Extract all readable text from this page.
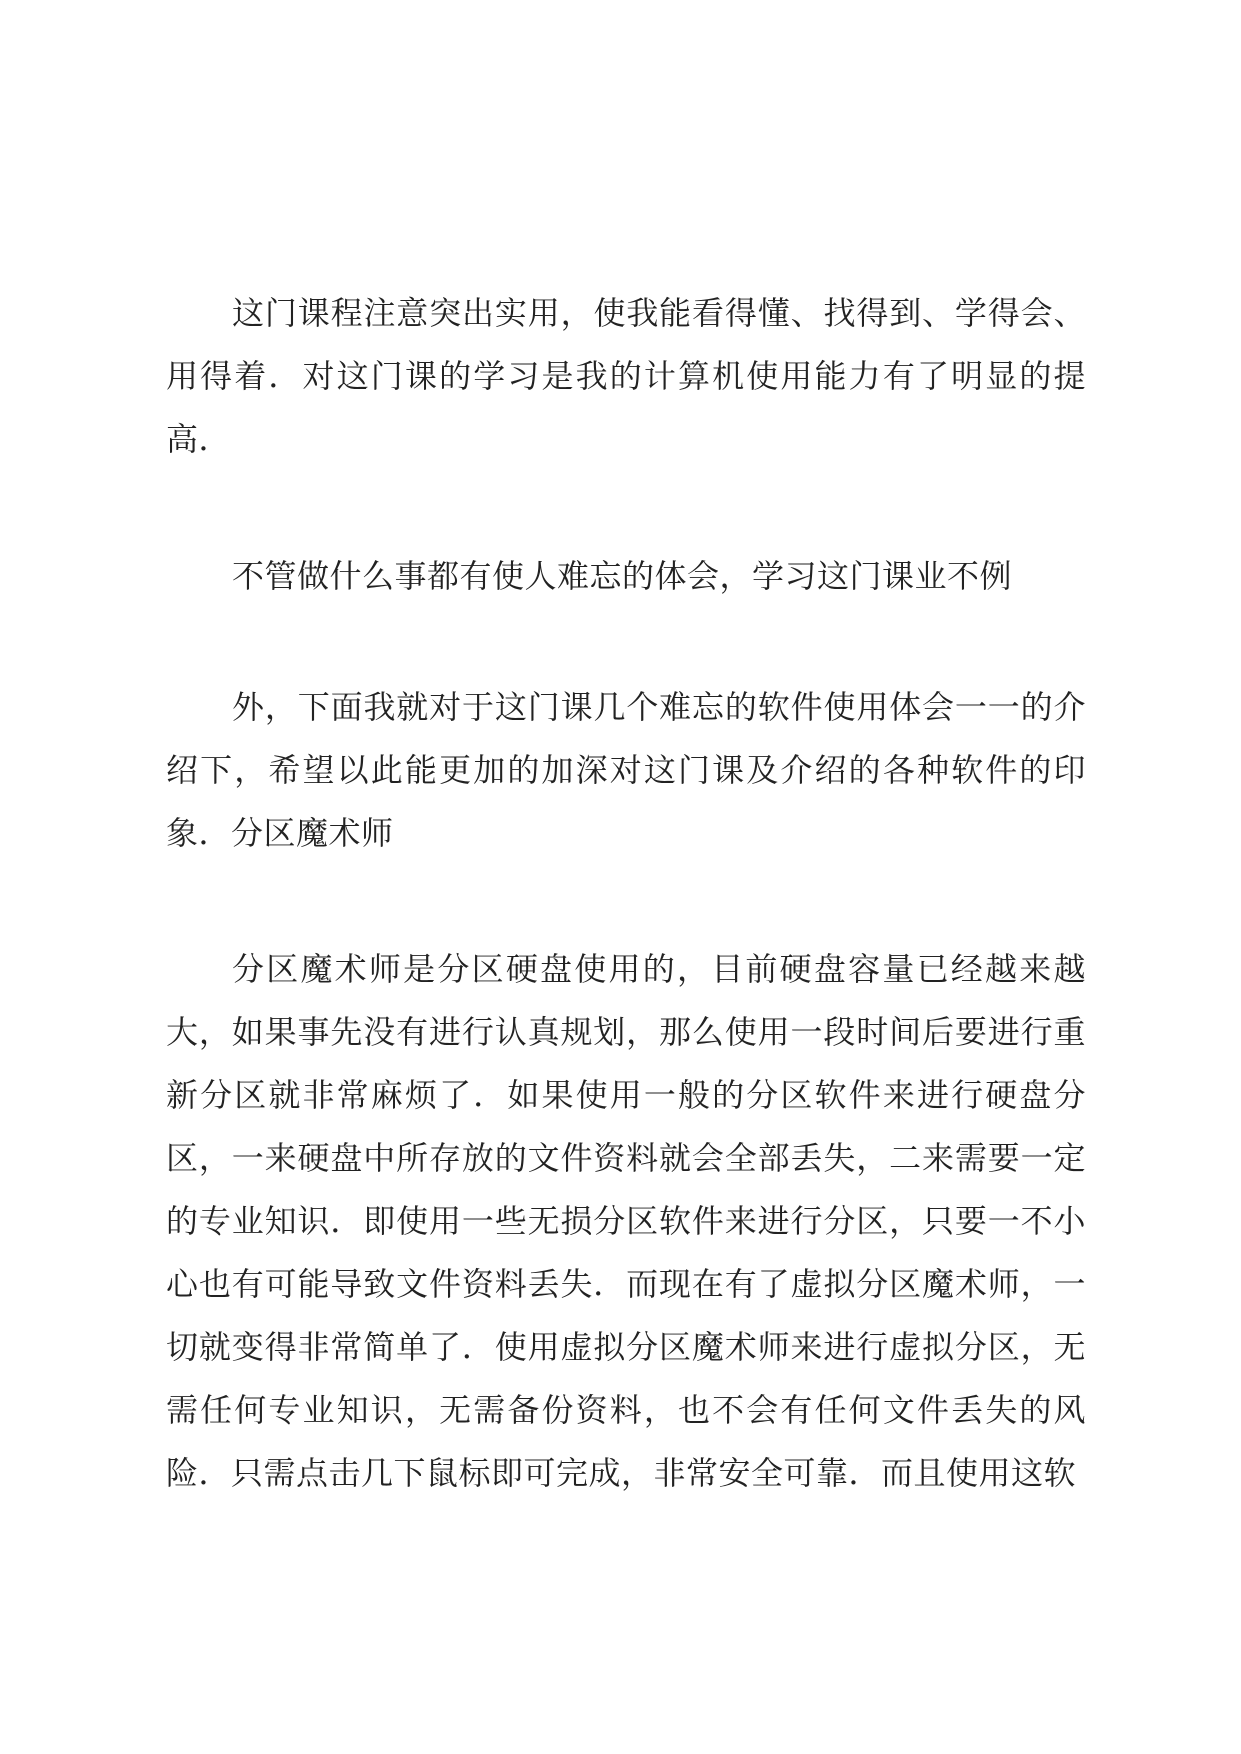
这门课程注意突出实用，使我能看得懂、找得到、学得会、用得着．对这门课的学习是我的计算机使用能力有了明显的提高．

不管做什么事都有使人难忘的体会，学习这门课业不例

外，下面我就对于这门课几个难忘的软件使用体会一一的介绍下，希望以此能更加的加深对这门课及介绍的各种软件的印象．分区魔术师

分区魔术师是分区硬盘使用的，目前硬盘容量已经越来越大，如果事先没有进行认真规划，那么使用一段时间后要进行重新分区就非常麻烦了．如果使用一般的分区软件来进行硬盘分区，一来硬盘中所存放的文件资料就会全部丢失，二来需要一定的专业知识．即使用一些无损分区软件来进行分区，只要一不小心也有可能导致文件资料丢失．而现在有了虚拟分区魔术师，一切就变得非常简单了．使用虚拟分区魔术师来进行虚拟分区，无需任何专业知识，无需备份资料，也不会有任何文件丢失的风险．只需点击几下鼠标即可完成，非常安全可靠．而且使用这软
